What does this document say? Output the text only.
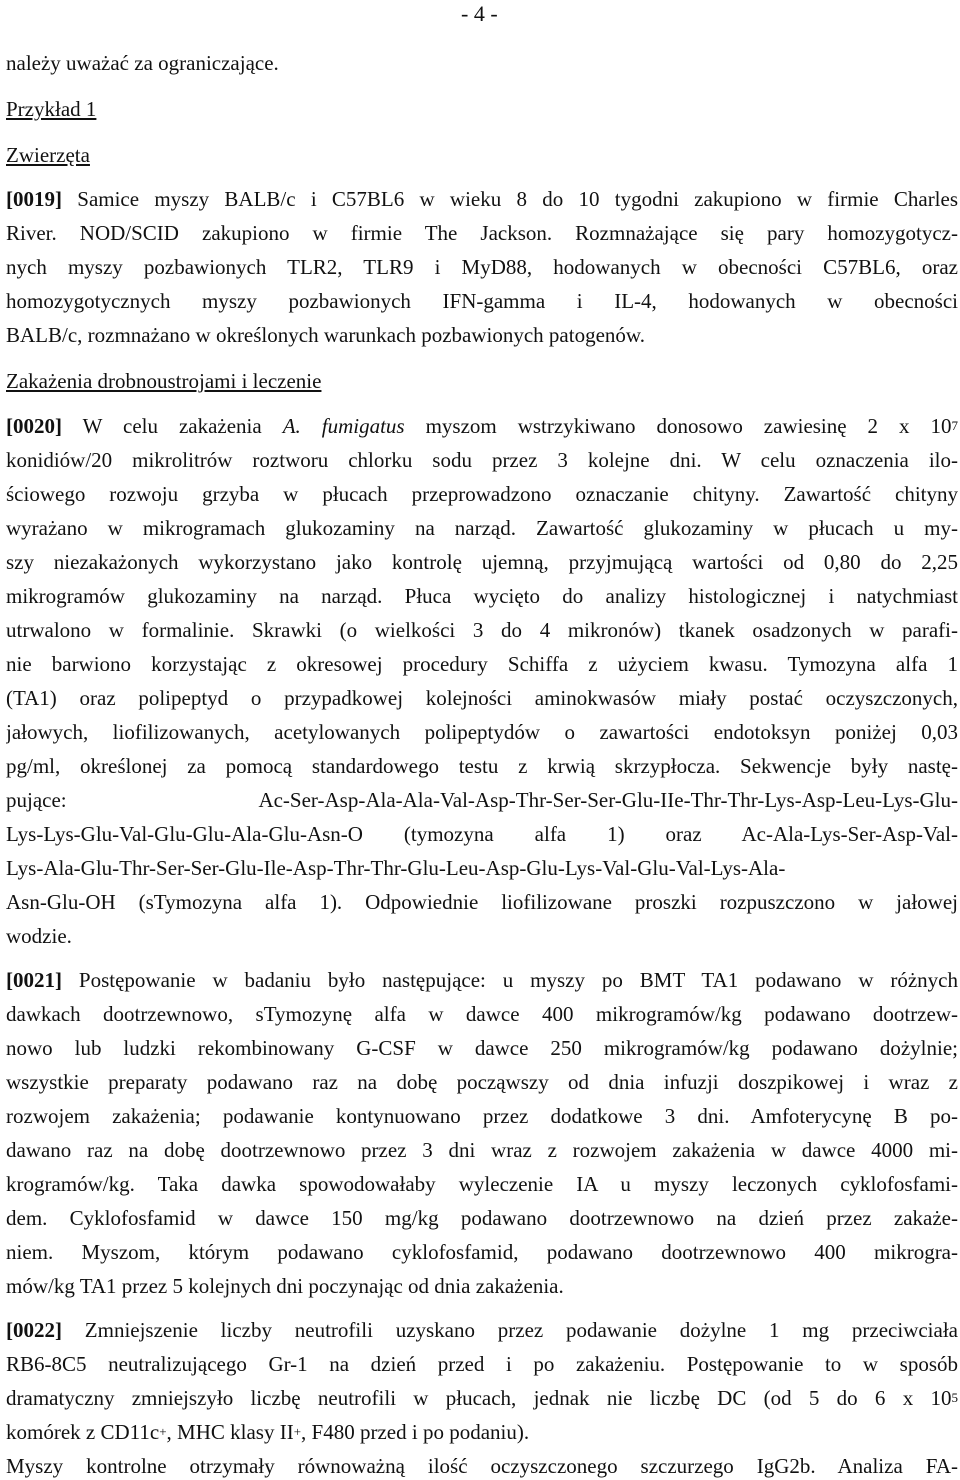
- 4 -
należy uważać za ograniczające.
Przykład 1
Zwierzęta
[0019] Samice myszy BALB/c i C57BL6 w wieku 8 do 10 tygodni zakupiono w firmie Charles
River. NOD/SCID zakupiono w firmie The Jackson. Rozmnażające się pary homozygotycz-
nych myszy pozbawionych TLR2, TLR9 i MyD88, hodowanych w obecności C57BL6, oraz
homozygotycznych myszy pozbawionych IFN-gamma i IL-4, hodowanych w obecności
BALB/c, rozmnażano w określonych warunkach pozbawionych patogenów.
Zakażenia drobnoustrojami i leczenie
[0020] W celu zakażenia A. fumigatus myszom wstrzykiwano donosowo zawiesinę 2 x $10^7$
konidiów/20 mikrolitrów roztworu chlorku sodu przez 3 kolejne dni. W celu oznaczenia ilo-
ściowego rozwoju grzyba w płucach przeprowadzono oznaczanie chityny. Zawartość chityny
wyrażano w mikrogramach glukozaminy na narząd. Zawartość glukozaminy w płucach u my-
szy niezakażonych wykorzystano jako kontrolę ujemną, przyjmującą wartości od 0,80 do 2,25
mikrogramów glukozaminy na narząd. Płuca wycięto do analizy histologicznej i natychmiast
utrwalono w formalinie. Skrawki (o wielkości 3 do 4 mikronów) tkanek osadzonych w parafi-
nie barwiono korzystając z okresowej procedury Schiffa z użyciem kwasu. Tymozyna alfa 1
(TA1) oraz polipeptyd o przypadkowej kolejności aminokwasów miały postać oczyszczonych,
jałowych, liofilizowanych, acetylowanych polipeptydów o zawartości endotoksyn poniżej 0,03
pg/ml, określonej za pomocą standardowego testu z krwią skrzypłocza. Sekwencje były nastę-
pujące:	Ac-Ser-Asp-Ala-Ala-Val-Asp-Thr-Ser-Ser-Glu-IIe-Thr-Thr-Lys-Asp-Leu-Lys-Glu-
Lys-Lys-Glu-Val-Glu-Glu-Ala-Glu-Asn-O (tymozyna alfa 1) oraz Ac-Ala-Lys-Ser-Asp-Val-
Lys-Ala-Glu-Thr-Ser-Ser-Glu-Ile-Asp-Thr-Thr-Glu-Leu-Asp-Glu-Lys-Val-Glu-Val-Lys-Ala-
Asn-Glu-OH (sTymozyna alfa 1). Odpowiednie liofilizowane proszki rozpuszczono w jałowej
wodzie.
[0021] Postępowanie w badaniu było następujące: u myszy po BMT TA1 podawano w różnych
dawkach dootrzewnowo, sTymozynę alfa w dawce 400 mikrogramów/kg podawano dootrzew-
nowo lub ludzki rekombinowany G-CSF w dawce 250 mikrogramów/kg podawano dożylnie;
wszystkie preparaty podawano raz na dobę począwszy od dnia infuzji doszpikowej i wraz z
rozwojem zakażenia; podawanie kontynuowano przez dodatkowe 3 dni. Amfoterycynę B po-
dawano raz na dobę dootrzewnowo przez 3 dni wraz z rozwojem zakażenia w dawce 4000 mi-
krogramów/kg. Taka dawka spowodowałaby wyleczenie IA u myszy leczonych cyklofosfami-
dem. Cyklofosfamid w dawce 150 mg/kg podawano dootrzewnowo na dzień przez zakaże-
niem. Myszom, którym podawano cyklofosfamid, podawano dootrzewnowo 400 mikrogra-
mów/kg TA1 przez 5 kolejnych dni poczynając od dnia zakażenia.
[0022] Zmniejszenie liczby neutrofili uzyskano przez podawanie dożylne 1 mg przeciwciała
RB6-8C5 neutralizującego Gr-1 na dzień przed i po zakażeniu. Postępowanie to w sposób
dramatyczny zmniejszyło liczbę neutrofili w płucach, jednak nie liczbę DC (od 5 do 6 x $10^5$
komórek z CD11c+, MHC klasy II+, F480 przed i po podaniu).
Myszy kontrolne otrzymały równoważną ilość oczyszczonego szczurzego IgG2b. Analiza FA-
